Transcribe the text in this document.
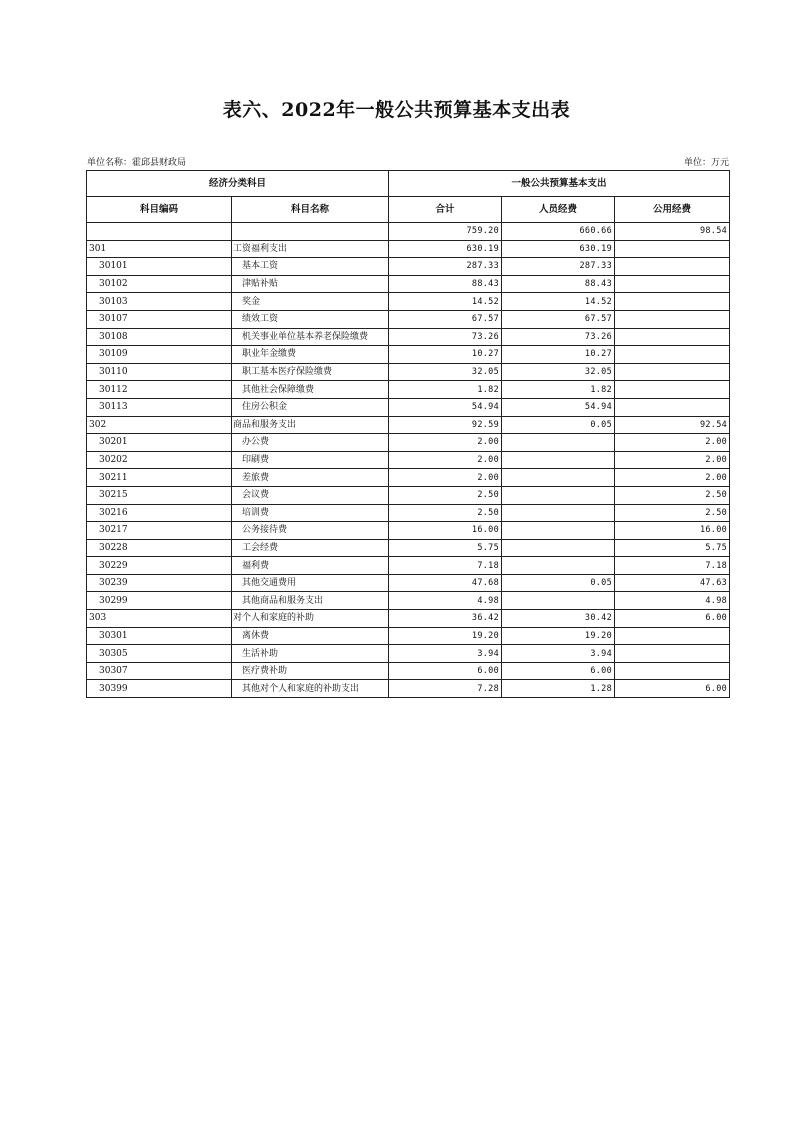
表六、2022年一般公共预算基本支出表
单位名称：霍邱县财政局	单位：万元
经济分类科目		一般公共预算基本支出		
科目编码	科目名称	合计	人员经费	公用经费
		759.20	660.66	98.54
301	工资福利支出	630.19	630.19	
30101	基本工资	287.33	287.33	
30102	津贴补贴	88.43	88.43	
30103	奖金	14.52	14.52	
30107	绩效工资	67.57	67.57	
30108	机关事业单位基本养老保险缴费	73.26	73.26	
30109	职业年金缴费	10.27	10.27	
30110	职工基本医疗保险缴费	32.05	32.05	
30112	其他社会保障缴费	1.82	1.82	
30113	住房公积金	54.94	54.94	
302	商品和服务支出	92.59	0.05	92.54
30201	办公费	2.00		2.00
30202	印刷费	2.00		2.00
30211	差旅费	2.00		2.00
30215	会议费	2.50		2.50
30216	培训费	2.50		2.50
30217	公务接待费	16.00		16.00
30228	工会经费	5.75		5.75
30229	福利费	7.18		7.18
30239	其他交通费用	47.68	0.05	47.63
30299	其他商品和服务支出	4.98		4.98
303	对个人和家庭的补助	36.42	30.42	6.00
30301	离休费	19.20	19.20	
30305	生活补助	3.94	3.94	
30307	医疗费补助	6.00	6.00	
30399	其他对个人和家庭的补助支出	7.28	1.28	6.00
